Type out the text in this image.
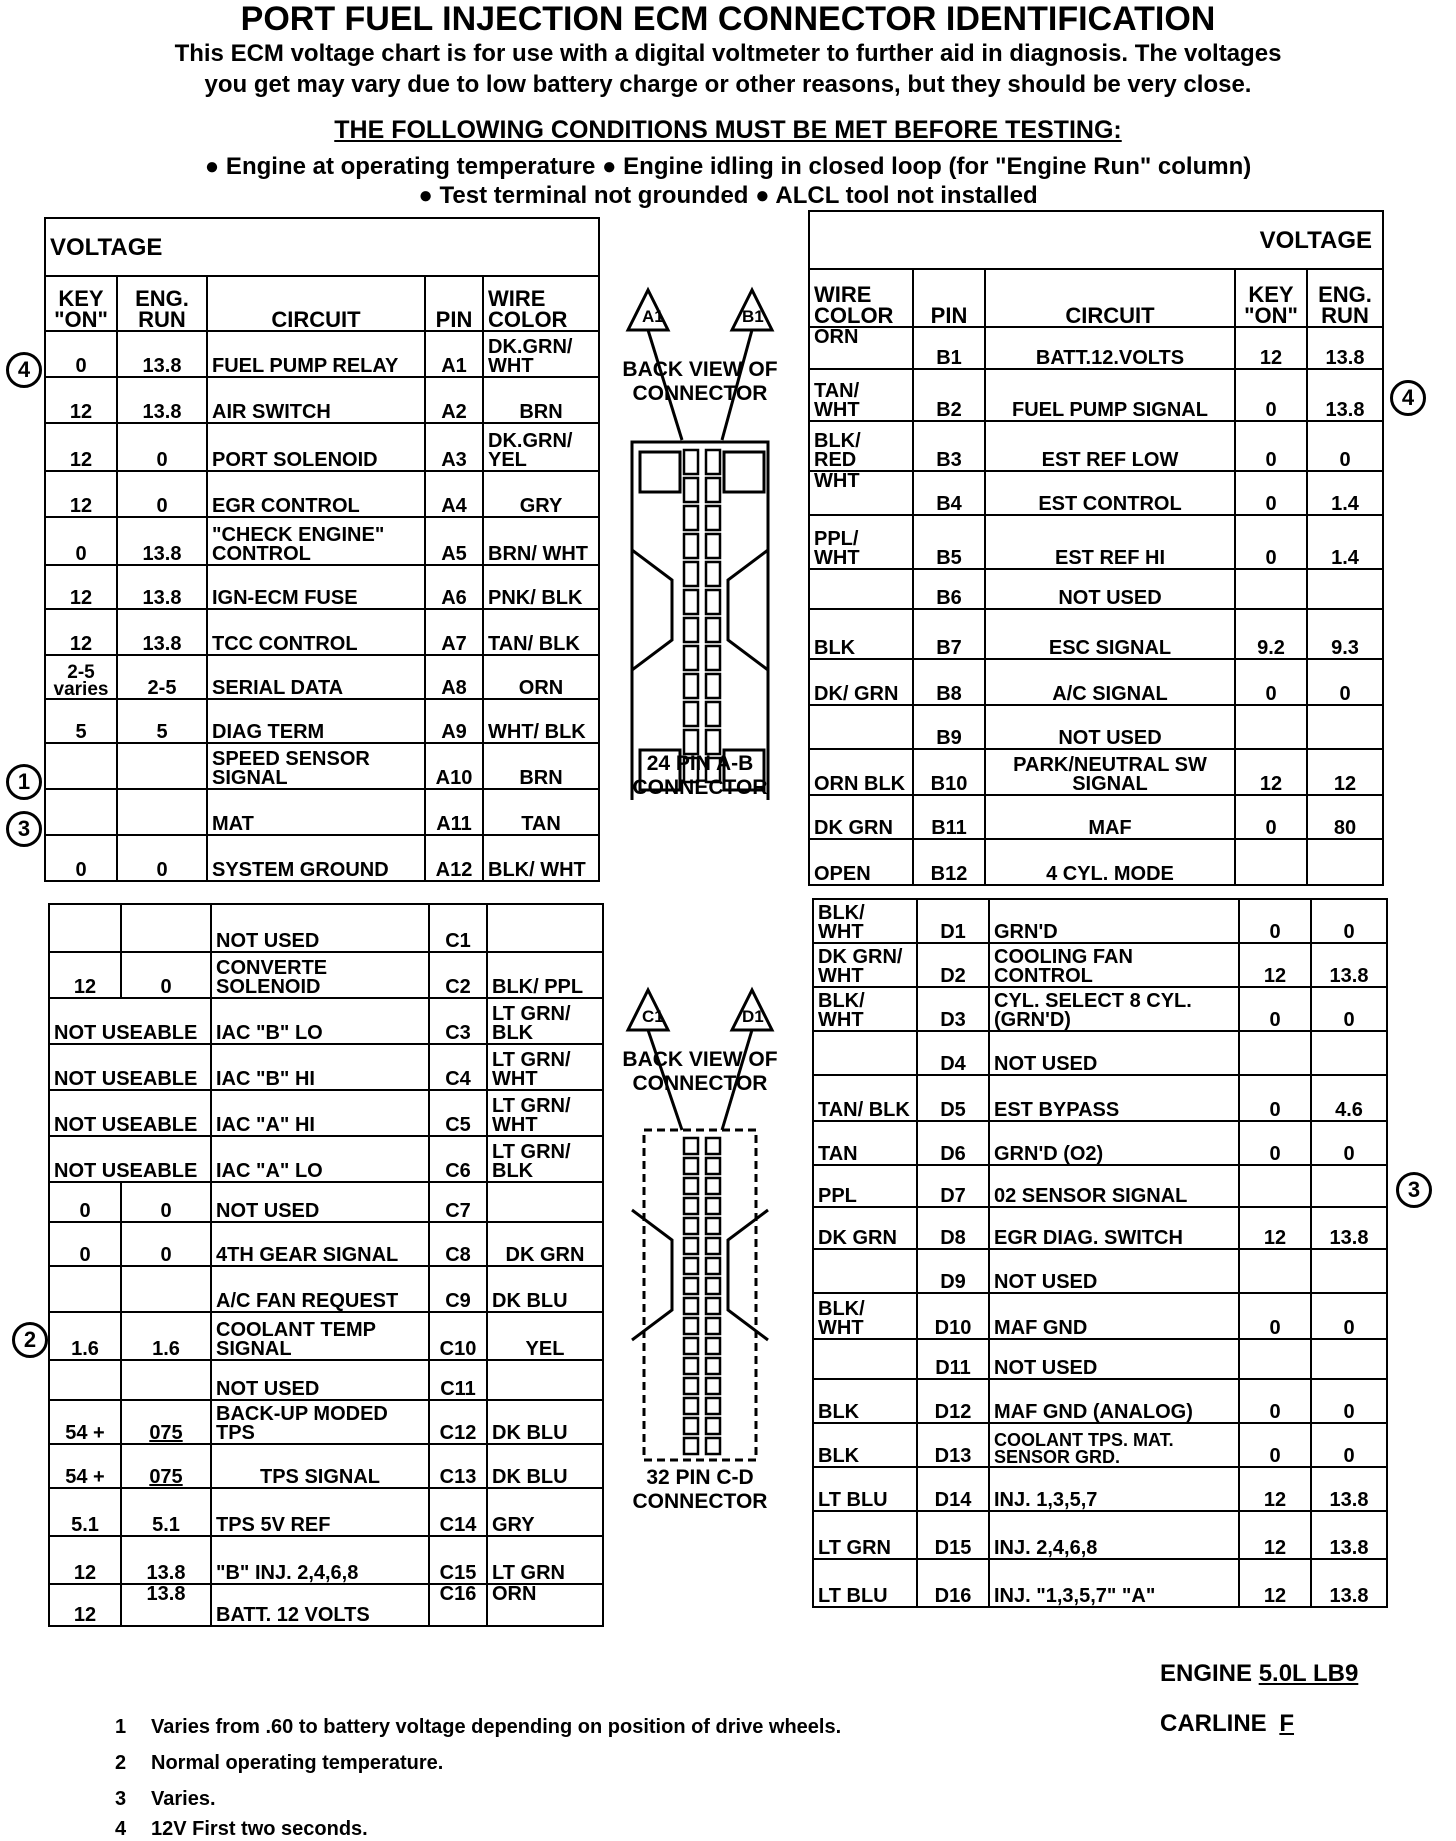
PORT FUEL INJECTION ECM CONNECTOR IDENTIFICATION
This ECM voltage chart is for use with a digital voltmeter to further aid in diagnosis. The voltages
you get may vary due to low battery charge or other reasons, but they should be very close.
THE FOLLOWING CONDITIONS MUST BE MET BEFORE TESTING:
● Engine at operating temperature ● Engine idling in closed loop (for "Engine Run" column)
● Test terminal not grounded ● ALCL tool not installed
VOLTAGE				
KEY "ON"	ENG. RUN	CIRCUIT	PIN	WIRE COLOR
0	13.8	FUEL PUMP RELAY	A1	DK.GRN/ WHT
12	13.8	AIR SWITCH	A2	BRN
12	0	PORT SOLENOID	A3	DK.GRN/ YEL
12	0	EGR CONTROL	A4	GRY
0	13.8	"CHECK ENGINE" CONTROL	A5	BRN/ WHT
12	13.8	IGN-ECM FUSE	A6	PNK/ BLK
12	13.8	TCC CONTROL	A7	TAN/ BLK
2-5 varies	2-5	SERIAL DATA	A8	ORN
5	5	DIAG TERM	A9	WHT/ BLK
		SPEED SENSOR SIGNAL	A10	BRN
		MAT	A11	TAN
0	0	SYSTEM GROUND	A12	BLK/ WHT
VOLTAGE				
WIRE COLOR	PIN	CIRCUIT	KEY "ON"	ENG. RUN
ORN	B1	BATT.12.VOLTS	12	13.8
TAN/ WHT	B2	FUEL PUMP SIGNAL	0	13.8
BLK/ RED	B3	EST REF LOW	0	0
WHT	B4	EST CONTROL	0	1.4
PPL/ WHT	B5	EST REF HI	0	1.4
	B6	NOT USED		
BLK	B7	ESC SIGNAL	9.2	9.3
DK/ GRN	B8	A/C SIGNAL	0	0
	B9	NOT USED		
ORN BLK	B10	PARK/NEUTRAL SW SIGNAL	12	12
DK GRN	B11	MAF	0	80
OPEN	B12	4 CYL. MODE		
		NOT USED	C1	
12	0	CONVERTE SOLENOID	C2	BLK/ PPL
NOT USEABLE		IAC "B" LO	C3	LT GRN/ BLK
NOT USEABLE		IAC "B" HI	C4	LT GRN/ WHT
NOT USEABLE		IAC "A" HI	C5	LT GRN/ WHT
NOT USEABLE		IAC "A" LO	C6	LT GRN/ BLK
0	0	NOT USED	C7	
0	0	4TH GEAR SIGNAL	C8	DK GRN
		A/C FAN REQUEST	C9	DK BLU
1.6	1.6	COOLANT TEMP SIGNAL	C10	YEL
		NOT USED	C11	
54 +	075	BACK-UP MODED TPS	C12	DK BLU
54 +	075	TPS SIGNAL	C13	DK BLU
5.1	5.1	TPS 5V REF	C14	GRY
12	13.8	"B" INJ. 2,4,6,8	C15	LT GRN
12	13.8	BATT. 12 VOLTS	C16	ORN
BLK/ WHT	D1	GRN'D	0	0
DK GRN/ WHT	D2	COOLING FAN CONTROL	12	13.8
BLK/ WHT	D3	CYL. SELECT 8 CYL. (GRN'D)	0	0
	D4	NOT USED		
TAN/ BLK	D5	EST BYPASS	0	4.6
TAN	D6	GRN'D (O2)	0	0
PPL	D7	02 SENSOR SIGNAL		
DK GRN	D8	EGR DIAG. SWITCH	12	13.8
	D9	NOT USED		
BLK/ WHT	D10	MAF GND	0	0
	D11	NOT USED		
BLK	D12	MAF GND (ANALOG)	0	0
BLK	D13	COOLANT TPS. MAT. SENSOR GRD.	0	0
LT BLU	D14	INJ. 1,3,5,7	12	13.8
LT GRN	D15	INJ. 2,4,6,8	12	13.8
LT BLU	D16	INJ. "1,3,5,7" "A"	12	13.8
4
4
1
3
2
3
A1	B1
BACK VIEW OF CONNECTOR
24 PIN A-B CONNECTOR
C1	D1
BACK VIEW OF CONNECTOR
32 PIN C-D CONNECTOR
ENGINE 5.0L LB9
CARLINE F
1 Varies from .60 to battery voltage depending on position of drive wheels.
2 Normal operating temperature.
3 Varies.
4 12V First two seconds.
